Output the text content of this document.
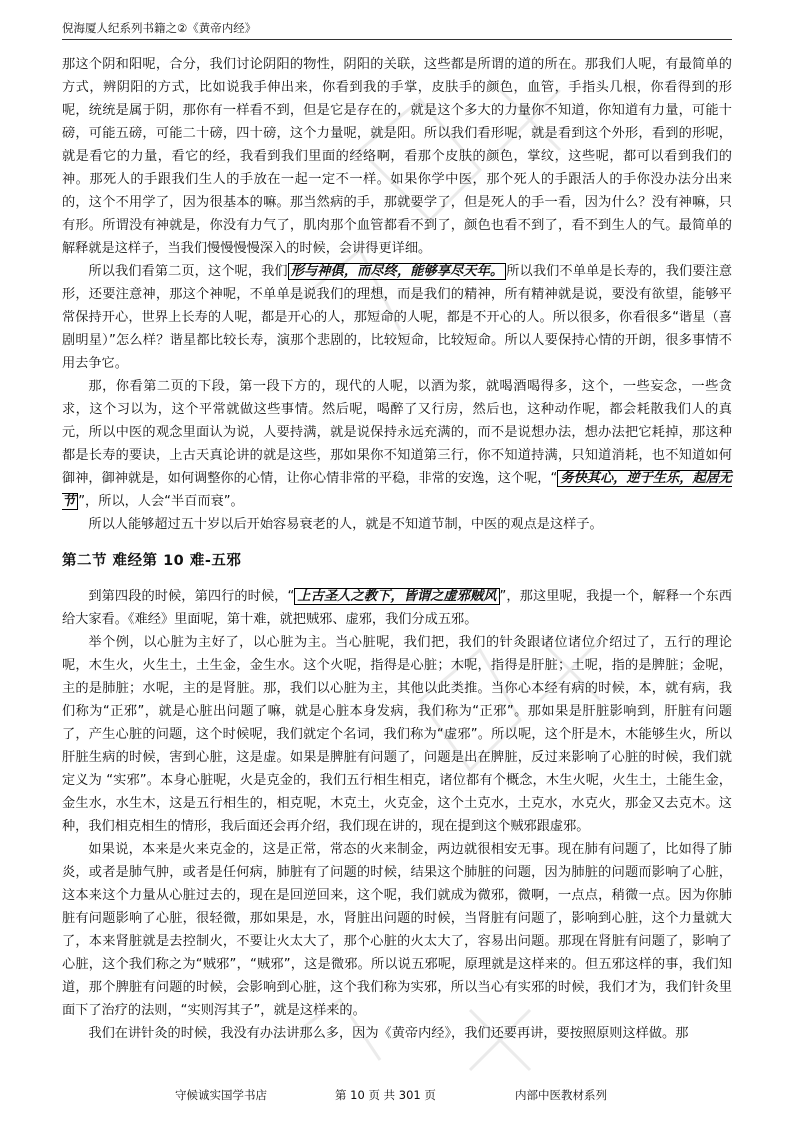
倪海厦人纪系列书籍之②《黄帝内经》

那这个阴和阳呢，合分，我们讨论阴阳的物性，阴阳的关联，这些都是所谓的道的所在。那我们人呢，有最简单的方式，辨阴阳的方式，比如说我手伸出来，你看到我的手掌，皮肤手的颜色，血管，手指头几根，你看得到的形呢，统统是属于阴，那你有一样看不到，但是它是存在的，就是这个多大的力量你不知道，你知道有力量，可能十磅，可能五磅，可能二十磅，四十磅，这个力量呢，就是阳。所以我们看形呢，就是看到这个外形，看到的形呢，就是看它的力量，看它的经，我看到我们里面的经络啊，看那个皮肤的颜色，掌纹，这些呢，都可以看到我们的神。那死人的手跟我们生人的手放在一起一定不一样。如果你学中医，那个死人的手跟活人的手你没办法分出来的，这个不用学了，因为很基本的嘛。那当然病的手，那就要学了，但是死人的手一看，因为什么？没有神嘛，只有形。所谓没有神就是，你没有力气了，肌肉那个血管都看不到了，颜色也看不到了，看不到生人的气。最简单的解释就是这样子，当我们慢慢慢慢深入的时候，会讲得更详细。

所以我们看第二页，这个呢，我们 形与神俱，而尽终，能够享尽天年。 所以我们不单单是长寿的，我们要注意形，还要注意神，那这个神呢，不单单是说我们的理想，而是我们的精神，所有精神就是说，要没有欲望，能够平常保持开心，世界上长寿的人呢，都是开心的人，那短命的人呢，都是不开心的人。所以很多，你看很多“谐星（喜剧明星）”怎么样？谐星都比较长寿，演那个悲剧的，比较短命，比较短命。所以人要保持心情的开朗，很多事情不用去争它。

那，你看第二页的下段，第一段下方的，现代的人呢，以酒为浆，就喝酒喝得多，这个，一些妄念，一些贪求，这个习以为，这个平常就做这些事情。然后呢，喝醉了又行房，然后也，这种动作呢，都会耗散我们人的真元，所以中医的观念里面认为说，人要持满，就是说保持永远充满的，而不是说想办法，想办法把它耗掉，那这种都是长寿的要诀，上古天真论讲的就是这些，那如果你不知道第三行，你不知道持满，只知道消耗，也不知道如何御神，御神就是，如何调整你的心情，让你心情非常的平稳，非常的安逸，这个呢，“ 务快其心，逆于生乐，起居无节 ”，所以，人会“半百而衰”。

所以人能够超过五十岁以后开始容易衰老的人，就是不知道节制，中医的观点是这样子。

第二节 难经第 10 难-五邪

到第四段的时候，第四行的时候，“ 上古圣人之教下，皆谓之虚邪贼风 ”，那这里呢，我提一个，解释一个东西给大家看。《难经》里面呢，第十难，就把贼邪、虚邪，我们分成五邪。

举个例，以心脏为主好了，以心脏为主。当心脏呢，我们把，我们的针灸跟诸位诸位介绍过了，五行的理论呢，木生火，火生土，土生金，金生水。这个火呢，指得是心脏；木呢，指得是肝脏；土呢，指的是脾脏；金呢，主的是肺脏；水呢，主的是肾脏。那，我们以心脏为主，其他以此类推。当你心本经有病的时候，本，就有病，我们称为“正邪”，就是心脏出问题了嘛，就是心脏本身发病，我们称为“正邪”。那如果是肝脏影响到，肝脏有问题了，产生心脏的问题，这个时候呢，我们就定个名词，我们称为“虚邪”。所以呢，这个肝是木，木能够生火，所以肝脏生病的时候，害到心脏，这是虚。如果是脾脏有问题了，问题是出在脾脏，反过来影响了心脏的时候，我们就定义为 “实邪”。本身心脏呢，火是克金的，我们五行相生相克，诸位都有个概念，木生火呢，火生土，土能生金，金生水，水生木，这是五行相生的，相克呢，木克土，火克金，这个土克水，土克水，水克火，那金又去克木。这种，我们相克相生的情形，我后面还会再介绍，我们现在讲的，现在提到这个贼邪跟虚邪。

如果说，本来是火来克金的，这是正常，常态的火来制金，两边就很相安无事。现在肺有问题了，比如得了肺炎，或者是肺气肿，或者是任何病，肺脏有了问题的时候，结果这个肺脏的问题，因为肺脏的问题而影响了心脏，这本来这个力量从心脏过去的，现在是回逆回来，这个呢，我们就成为微邪，微啊，一点点，稍微一点。因为你肺脏有问题影响了心脏，很轻微，那如果是，水，肾脏出问题的时候，当肾脏有问题了，影响到心脏，这个力量就大了，本来肾脏就是去控制火，不要让火太大了，那个心脏的火太大了，容易出问题。那现在肾脏有问题了，影响了心脏，这个我们称之为“贼邪”，“贼邪”，这是微邪。所以说五邪呢，原理就是这样来的。但五邪这样的事，我们知道，那个脾脏有问题的时候，会影响到心脏，这个我们称为实邪，所以当心有实邪的时候，我们才为，我们针灸里面下了治疗的法则，“实则泻其子”，就是这样来的。

我们在讲针灸的时候，我没有办法讲那么多，因为《黄帝内经》，我们还要再讲，要按照原则这样做。那

守候诚实国学书店	第 10 页 共 301 页	内部中医教材系列
